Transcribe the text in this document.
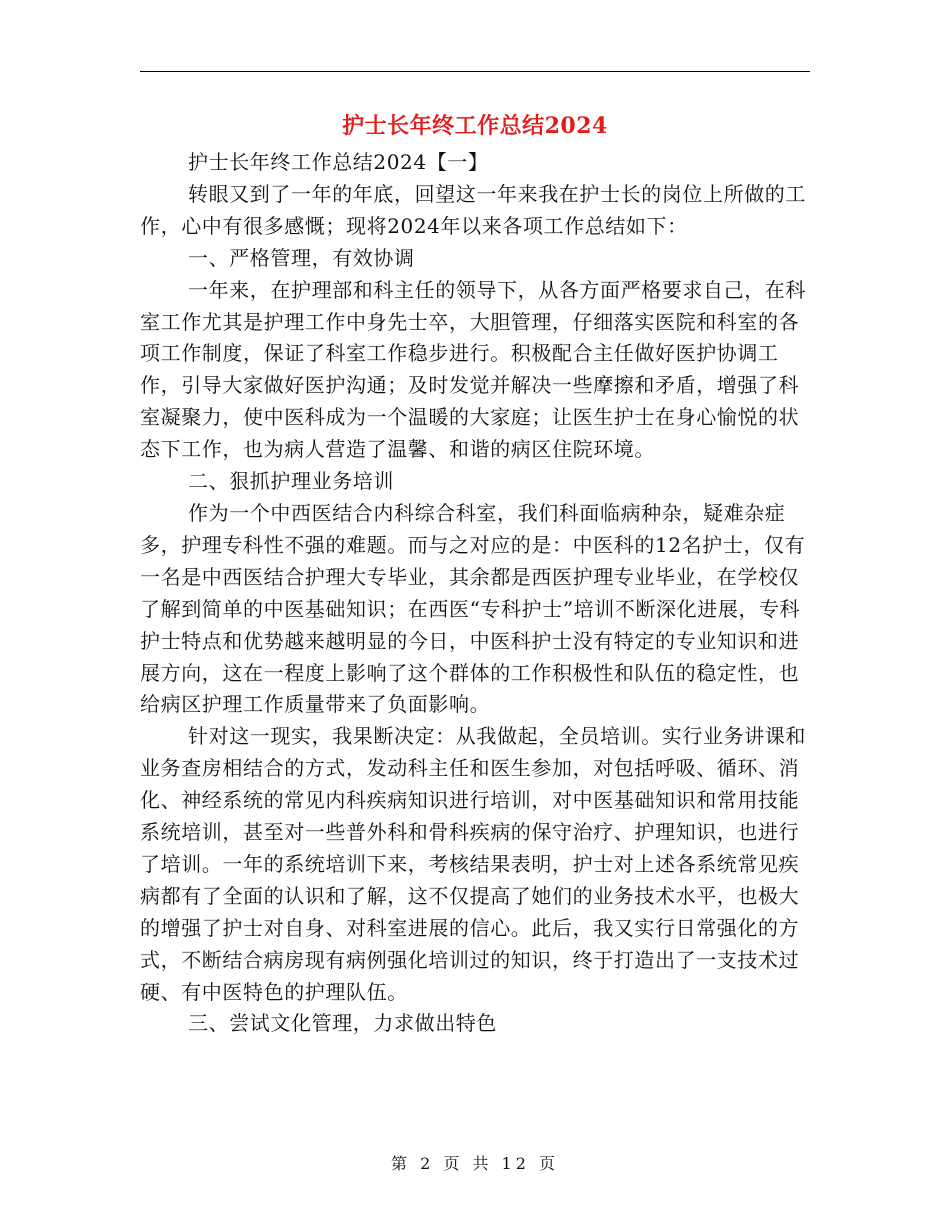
护士长年终工作总结2024

护士长年终工作总结2024【一】

转眼又到了一年的年底，回望这一年来我在护士长的岗位上所做的工作，心中有很多感慨；现将2024年以来各项工作总结如下：

一、严格管理，有效协调

一年来，在护理部和科主任的领导下，从各方面严格要求自己，在科室工作尤其是护理工作中身先士卒，大胆管理，仔细落实医院和科室的各项工作制度，保证了科室工作稳步进行。积极配合主任做好医护协调工作，引导大家做好医护沟通；及时发觉并解决一些摩擦和矛盾，增强了科室凝聚力，使中医科成为一个温暖的大家庭；让医生护士在身心愉悦的状态下工作，也为病人营造了温馨、和谐的病区住院环境。

二、狠抓护理业务培训

作为一个中西医结合内科综合科室，我们科面临病种杂，疑难杂症多，护理专科性不强的难题。而与之对应的是：中医科的12名护士，仅有一名是中西医结合护理大专毕业，其余都是西医护理专业毕业，在学校仅了解到简单的中医基础知识；在西医“专科护士”培训不断深化进展，专科护士特点和优势越来越明显的今日，中医科护士没有特定的专业知识和进展方向，这在一程度上影响了这个群体的工作积极性和队伍的稳定性，也给病区护理工作质量带来了负面影响。

针对这一现实，我果断决定：从我做起，全员培训。实行业务讲课和业务查房相结合的方式，发动科主任和医生参加，对包括呼吸、循环、消化、神经系统的常见内科疾病知识进行培训，对中医基础知识和常用技能系统培训，甚至对一些普外科和骨科疾病的保守治疗、护理知识，也进行了培训。一年的系统培训下来，考核结果表明，护士对上述各系统常见疾病都有了全面的认识和了解，这不仅提高了她们的业务技术水平，也极大的增强了护士对自身、对科室进展的信心。此后，我又实行日常强化的方式，不断结合病房现有病例强化培训过的知识，终于打造出了一支技术过硬、有中医特色的护理队伍。

三、尝试文化管理，力求做出特色

第 2 页 共 12 页
